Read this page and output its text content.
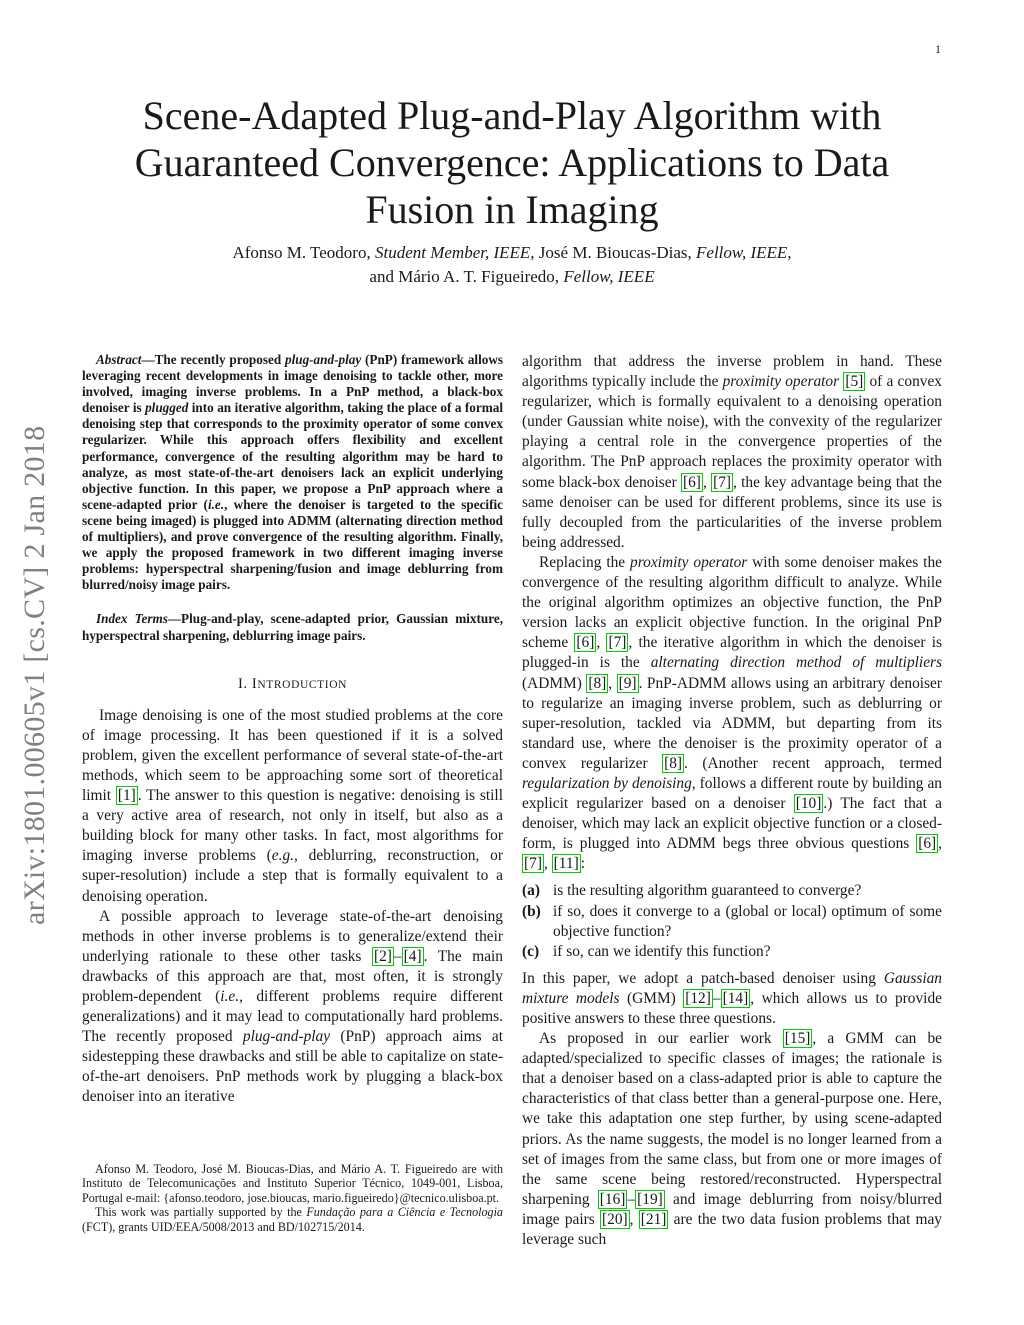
1
arXiv:1801.00605v1 [cs.CV] 2 Jan 2018
Scene-Adapted Plug-and-Play Algorithm with Guaranteed Convergence: Applications to Data Fusion in Imaging
Afonso M. Teodoro, Student Member, IEEE, José M. Bioucas-Dias, Fellow, IEEE,
and Mário A. T. Figueiredo, Fellow, IEEE

Abstract—The recently proposed plug-and-play (PnP) framework allows leveraging recent developments in image denoising to tackle other, more involved, imaging inverse problems. In a PnP method, a black-box denoiser is plugged into an iterative algorithm, taking the place of a formal denoising step that corresponds to the proximity operator of some convex regularizer. While this approach offers flexibility and excellent performance, convergence of the resulting algorithm may be hard to analyze, as most state-of-the-art denoisers lack an explicit underlying objective function. In this paper, we propose a PnP approach where a scene-adapted prior (i.e., where the denoiser is targeted to the specific scene being imaged) is plugged into ADMM (alternating direction method of multipliers), and prove convergence of the resulting algorithm. Finally, we apply the proposed framework in two different imaging inverse problems: hyperspectral sharpening/fusion and image deblurring from blurred/noisy image pairs.

Index Terms—Plug-and-play, scene-adapted prior, Gaussian mixture, hyperspectral sharpening, deblurring image pairs.

I. INTRODUCTION

Image denoising is one of the most studied problems at the core of image processing. It has been questioned if it is a solved problem, given the excellent performance of several state-of-the-art methods, which seem to be approaching some sort of theoretical limit [1] . The answer to this question is negative: denoising is still a very active area of research, not only in itself, but also as a building block for many other tasks. In fact, most algorithms for imaging inverse problems (e.g., deblurring, reconstruction, or super-resolution) include a step that is formally equivalent to a denoising operation.

A possible approach to leverage state-of-the-art denoising methods in other inverse problems is to generalize/extend their underlying rationale to these other tasks [2] – [4] . The main drawbacks of this approach are that, most often, it is strongly problem-dependent (i.e., different problems require different generalizations) and it may lead to computationally hard problems. The recently proposed plug-and-play (PnP) approach aims at sidestepping these drawbacks and still be able to capitalize on state-of-the-art denoisers. PnP methods work by plugging a black-box denoiser into an iterative

Afonso M. Teodoro, José M. Bioucas-Dias, and Mário A. T. Figueiredo are with Instituto de Telecomunicações and Instituto Superior Técnico, 1049-001, Lisboa, Portugal e-mail: {afonso.teodoro, jose.bioucas, mario.figueiredo}@tecnico.ulisboa.pt.

This work was partially supported by the Fundação para a Ciência e Tecnologia (FCT), grants UID/EEA/5008/2013 and BD/102715/2014.

algorithm that address the inverse problem in hand. These algorithms typically include the proximity operator [5] of a convex regularizer, which is formally equivalent to a denoising operation (under Gaussian white noise), with the convexity of the regularizer playing a central role in the convergence properties of the algorithm. The PnP approach replaces the proximity operator with some black-box denoiser [6] , [7] , the key advantage being that the same denoiser can be used for different problems, since its use is fully decoupled from the particularities of the inverse problem being addressed.

Replacing the proximity operator with some denoiser makes the convergence of the resulting algorithm difficult to analyze. While the original algorithm optimizes an objective function, the PnP version lacks an explicit objective function. In the original PnP scheme [6] , [7] , the iterative algorithm in which the denoiser is plugged-in is the alternating direction method of multipliers (ADMM) [8] , [9] . PnP-ADMM allows using an arbitrary denoiser to regularize an imaging inverse problem, such as deblurring or super-resolution, tackled via ADMM, but departing from its standard use, where the denoiser is the proximity operator of a convex regularizer [8] . (Another recent approach, termed regularization by denoising, follows a different route by building an explicit regularizer based on a denoiser [10] .) The fact that a denoiser, which may lack an explicit objective function or a closed-form, is plugged into ADMM begs three obvious questions [6] , [7] , [11] :

(a) is the resulting algorithm guaranteed to converge?
(b) if so, does it converge to a (global or local) optimum of some objective function?
(c) if so, can we identify this function?

In this paper, we adopt a patch-based denoiser using Gaussian mixture models (GMM) [12] – [14] , which allows us to provide positive answers to these three questions.

As proposed in our earlier work [15] , a GMM can be adapted/specialized to specific classes of images; the rationale is that a denoiser based on a class-adapted prior is able to capture the characteristics of that class better than a general-purpose one. Here, we take this adaptation one step further, by using scene-adapted priors. As the name suggests, the model is no longer learned from a set of images from the same class, but from one or more images of the same scene being restored/reconstructed. Hyperspectral sharpening [16] – [19] and image deblurring from noisy/blurred image pairs [20] , [21] are the two data fusion problems that may leverage such
